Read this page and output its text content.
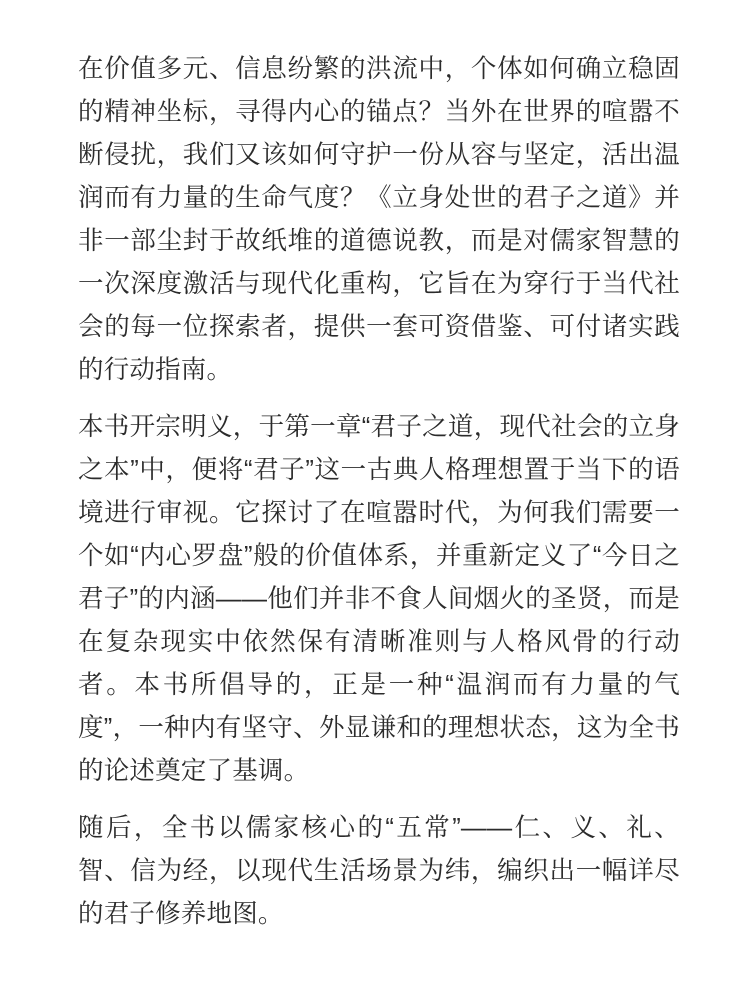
在价值多元、信息纷繁的洪流中，个体如何确立稳固的精神坐标，寻得内心的锚点？当外在世界的喧嚣不断侵扰，我们又该如何守护一份从容与坚定，活出温润而有力量的生命气度？《立身处世的君子之道》并非一部尘封于故纸堆的道德说教，而是对儒家智慧的一次深度激活与现代化重构，它旨在为穿行于当代社会的每一位探索者，提供一套可资借鉴、可付诸实践的行动指南。

本书开宗明义，于第一章“君子之道，现代社会的立身之本”中，便将“君子”这一古典人格理想置于当下的语境进行审视。它探讨了在喧嚣时代，为何我们需要一个如“内心罗盘”般的价值体系，并重新定义了“今日之君子”的内涵——他们并非不食人间烟火的圣贤，而是在复杂现实中依然保有清晰准则与人格风骨的行动者。本书所倡导的，正是一种“温润而有力量的气度”，一种内有坚守、外显谦和的理想状态，这为全书的论述奠定了基调。

随后，全书以儒家核心的“五常”——仁、义、礼、智、信为经，以现代生活场景为纬，编织出一幅详尽的君子修养地图。
